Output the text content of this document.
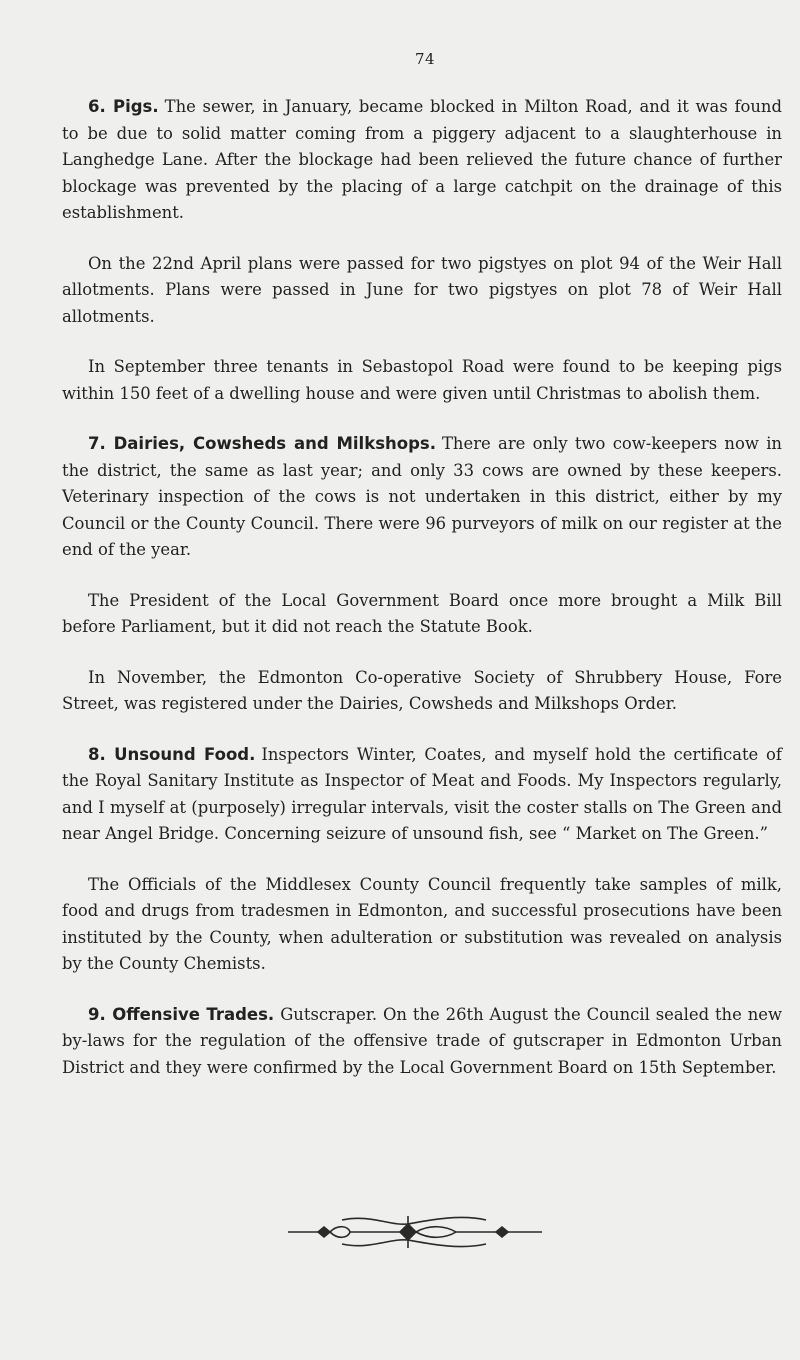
74

6. Pigs. The sewer, in January, became blocked in Milton Road, and it was found to be due to solid matter coming from a piggery adjacent to a slaughterhouse in Langhedge Lane. After the blockage had been relieved the future chance of further blockage was prevented by the placing of a large catchpit on the drainage of this establishment.

On the 22nd April plans were passed for two pigstyes on plot 94 of the Weir Hall allotments. Plans were passed in June for two pigstyes on plot 78 of Weir Hall allotments.

In September three tenants in Sebastopol Road were found to be keeping pigs within 150 feet of a dwelling house and were given until Christmas to abolish them.

7. Dairies, Cowsheds and Milkshops. There are only two cow-keepers now in the district, the same as last year; and only 33 cows are owned by these keepers. Veterinary inspection of the cows is not undertaken in this district, either by my Council or the County Council. There were 96 purveyors of milk on our register at the end of the year.

The President of the Local Government Board once more brought a Milk Bill before Parliament, but it did not reach the Statute Book.

In November, the Edmonton Co-operative Society of Shrubbery House, Fore Street, was registered under the Dairies, Cowsheds and Milkshops Order.

8. Unsound Food. Inspectors Winter, Coates, and myself hold the certificate of the Royal Sanitary Institute as Inspector of Meat and Foods. My Inspectors regularly, and I myself at (purposely) irregular intervals, visit the coster stalls on The Green and near Angel Bridge. Concerning seizure of unsound fish, see “ Market on The Green.”

The Officials of the Middlesex County Council frequently take samples of milk, food and drugs from tradesmen in Edmonton, and successful prosecutions have been instituted by the County, when adulteration or substitution was revealed on analysis by the County Chemists.

9. Offensive Trades. Gutscraper. On the 26th August the Council sealed the new by-laws for the regulation of the offensive trade of gutscraper in Edmonton Urban District and they were confirmed by the Local Government Board on 15th September.
